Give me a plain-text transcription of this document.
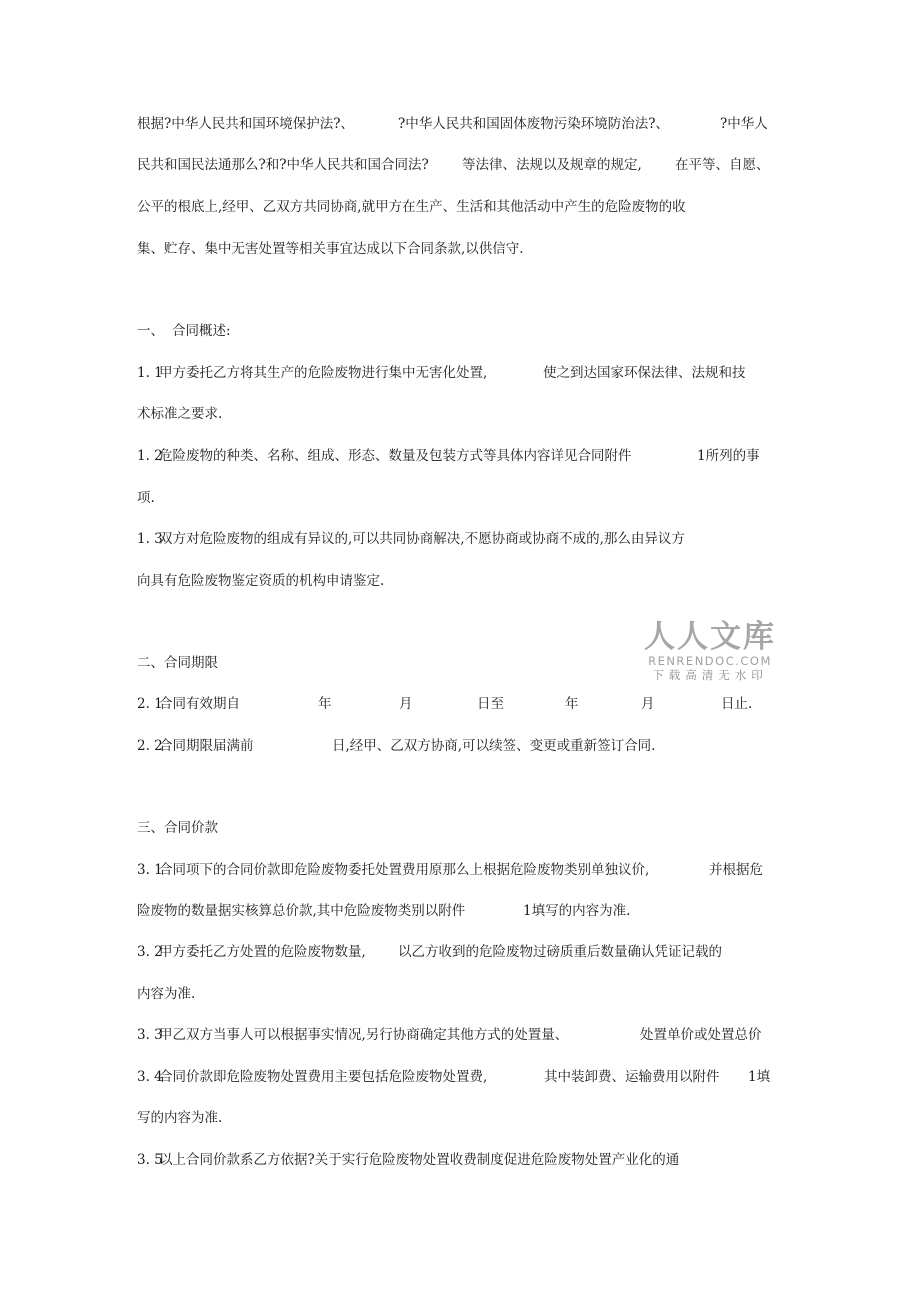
根据?中华人民共和国环境保护法?、	?中华人民共和国固体废物污染环境防治法?、	?中华人
民共和国民法通那么?和?中华人民共和国合同法? 等法律、法规以及规章的规定, 在平等、自愿、
公平的根底上,经甲、乙双方共同协商,就甲方在生产、生活和其他活动中产生的危险废物的收
集、贮存、集中无害处置等相关事宜达成以下合同条款,以供信守.
一、 合同概述:
1. 1
甲方委托乙方将其生产的危险废物进行集中无害化处置,	使之到达国家环保法律、法规和技
术标准之要求.
1. 2
危险废物的种类、名称、组成、形态、数量及包装方式等具体内容详见合同附件	1所列的事
项.
1. 3
双方对危险废物的组成有异议的,可以共同协商解决,不愿协商或协商不成的,那么由异议方
向具有危险废物鉴定资质的机构申请鉴定.
二、合同期限
2. 1
合同有效期自	年	月	日至	年	月	日止.
2. 2
合同期限届满前	日,经甲、乙双方协商,可以续签、变更或重新签订合同.
三、合同价款
3. 1
合同项下的合同价款即危险废物委托处置费用原那么上根据危险废物类别单独议价,	并根据危
险废物的数量据实核算总价款,其中危险废物类别以附件	1填写的内容为准.
3. 2
甲方委托乙方处置的危险废物数量, 以乙方收到的危险废物过磅质重后数量确认凭证记载的
内容为准.
3. 3
甲乙双方当事人可以根据事实情况,另行协商确定其他方式的处置量、	处置单价或处置总价
3. 4
合同价款即危险废物处置费用主要包括危险废物处置费,	其中装卸费、运输费用以附件 1填
写的内容为准.
3. 5
以上合同价款系乙方依据?关于实行危险废物处置收费制度促进危险废物处置产业化的通
人人文库
RENRENDOC.COM
下载高清无水印
